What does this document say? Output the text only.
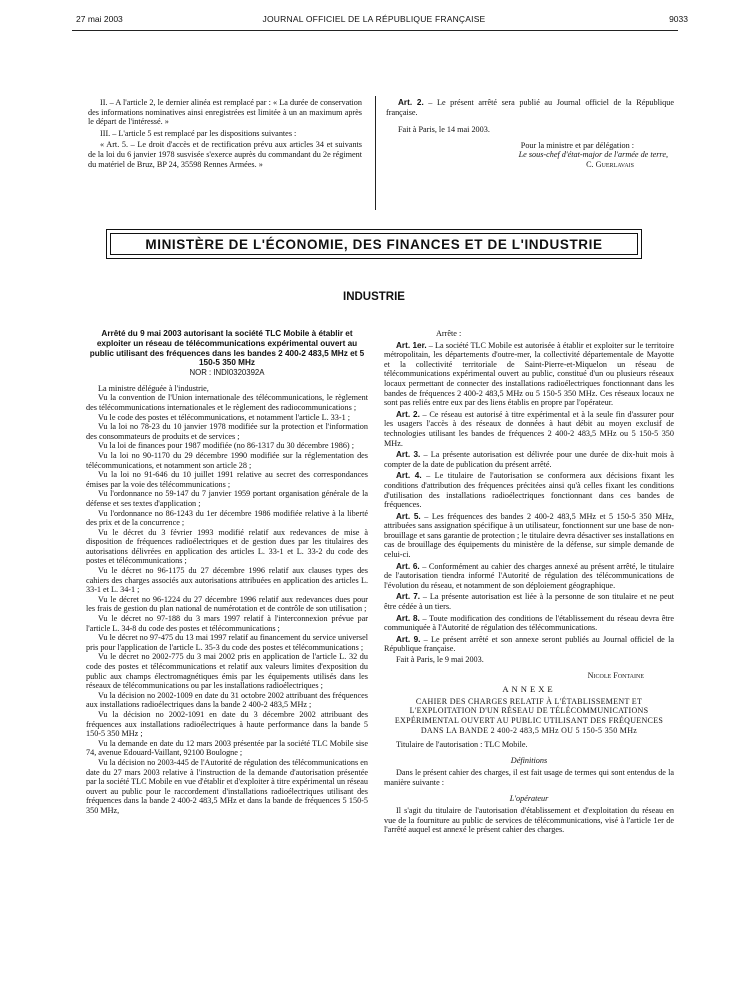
27 mai 2003	JOURNAL OFFICIEL DE LA RÉPUBLIQUE FRANÇAISE	9033

II. – A l'article 2, le dernier alinéa est remplacé par : « La durée de conservation des informations nominatives ainsi enregistrées est limitée à un an maximum après le départ de l'intéressé. »

III. – L'article 5 est remplacé par les dispositions suivantes :

« Art. 5. – Le droit d'accès et de rectification prévu aux articles 34 et suivants de la loi du 6 janvier 1978 susvisée s'exerce auprès du commandant du 2e régiment du matériel de Bruz, BP 24, 35598 Rennes Armées. »

Art. 2. – Le présent arrêté sera publié au Journal officiel de la République française.

Fait à Paris, le 14 mai 2003.

Pour la ministre et par délégation :

Le sous-chef d'état-major de l'armée de terre,

C. Guerlavais

MINISTÈRE DE L'ÉCONOMIE, DES FINANCES ET DE L'INDUSTRIE
INDUSTRIE

Arrêté du 9 mai 2003 autorisant la société TLC Mobile à établir et exploiter un réseau de télécommunications expérimental ouvert au public utilisant des fréquences dans les bandes 2 400-2 483,5 MHz et 5 150-5 350 MHz

NOR : INDI0320392A

La ministre déléguée à l'industrie,

Vu la convention de l'Union internationale des télécommunications, le règlement des télécommunications internationales et le règlement des radiocommunications ;

Vu le code des postes et télécommunications, et notamment l'article L. 33-1 ;

Vu la loi no 78-23 du 10 janvier 1978 modifiée sur la protection et l'information des consommateurs de produits et de services ;

Vu la loi de finances pour 1987 modifiée (no 86-1317 du 30 décembre 1986) ;

Vu la loi no 90-1170 du 29 décembre 1990 modifiée sur la réglementation des télécommunications, et notamment son article 28 ;

Vu la loi no 91-646 du 10 juillet 1991 relative au secret des correspondances émises par la voie des télécommunications ;

Vu l'ordonnance no 59-147 du 7 janvier 1959 portant organisation générale de la défense et ses textes d'application ;

Vu l'ordonnance no 86-1243 du 1er décembre 1986 modifiée relative à la liberté des prix et de la concurrence ;

Vu le décret du 3 février 1993 modifié relatif aux redevances de mise à disposition de fréquences radioélectriques et de gestion dues par les titulaires des autorisations délivrées en application des articles L. 33-1 et L. 33-2 du code des postes et télécommunications ;

Vu le décret no 96-1175 du 27 décembre 1996 relatif aux clauses types des cahiers des charges associés aux autorisations attribuées en application des articles L. 33-1 et L. 34-1 ;

Vu le décret no 96-1224 du 27 décembre 1996 relatif aux redevances dues pour les frais de gestion du plan national de numérotation et de contrôle de son utilisation ;

Vu le décret no 97-188 du 3 mars 1997 relatif à l'interconnexion prévue par l'article L. 34-8 du code des postes et télécommunications ;

Vu le décret no 97-475 du 13 mai 1997 relatif au financement du service universel pris pour l'application de l'article L. 35-3 du code des postes et télécommunications ;

Vu le décret no 2002-775 du 3 mai 2002 pris en application de l'article L. 32 du code des postes et télécommunications et relatif aux valeurs limites d'exposition du public aux champs électromagnétiques émis par les équipements utilisés dans les réseaux de télécommunications ou par les installations radioélectriques ;

Vu la décision no 2002-1009 en date du 31 octobre 2002 attribuant des fréquences aux installations radioélectriques dans la bande 2 400-2 483,5 MHz ;

Vu la décision no 2002-1091 en date du 3 décembre 2002 attribuant des fréquences aux installations radioélectriques à haute performance dans la bande 5 150-5 350 MHz ;

Vu la demande en date du 12 mars 2003 présentée par la société TLC Mobile sise 74, avenue Edouard-Vaillant, 92100 Boulogne ;

Vu la décision no 2003-445 de l'Autorité de régulation des télécommunications en date du 27 mars 2003 relative à l'instruction de la demande d'autorisation présentée par la société TLC Mobile en vue d'établir et d'exploiter à titre expérimental un réseau ouvert au public pour le raccordement d'installations radioélectriques utilisant des fréquences dans la bande 2 400-2 483,5 MHz et dans la bande de fréquences 5 150-5 350 MHz,

Arrête :

Art. 1er. – La société TLC Mobile est autorisée à établir et exploiter sur le territoire métropolitain, les départements d'outre-mer, la collectivité départementale de Mayotte et la collectivité territoriale de Saint-Pierre-et-Miquelon un réseau de télécommunications expérimental ouvert au public, constitué d'un ou plusieurs réseaux locaux permettant de connecter des installations radioélectriques fonctionnant dans les bandes de fréquences 2 400-2 483,5 MHz ou 5 150-5 350 MHz. Ces réseaux locaux ne sont pas reliés entre eux par des liens établis en propre par l'opérateur.

Art. 2. – Ce réseau est autorisé à titre expérimental et à la seule fin d'assurer pour les usagers l'accès à des réseaux de données à haut débit au moyen exclusif de technologies utilisant les bandes de fréquences 2 400-2 483,5 MHz ou 5 150-5 350 MHz.

Art. 3. – La présente autorisation est délivrée pour une durée de dix-huit mois à compter de la date de publication du présent arrêté.

Art. 4. – Le titulaire de l'autorisation se conformera aux décisions fixant les conditions d'attribution des fréquences précitées ainsi qu'à celles fixant les conditions d'utilisation des installations radioélectriques fonctionnant dans ces bandes de fréquences.

Art. 5. – Les fréquences des bandes 2 400-2 483,5 MHz et 5 150-5 350 MHz, attribuées sans assignation spécifique à un utilisateur, fonctionnent sur une base de non-brouillage et sans garantie de protection ; le titulaire devra désactiver ses installations en cas de brouillage des équipements du ministère de la défense, sur simple demande de celui-ci.

Art. 6. – Conformément au cahier des charges annexé au présent arrêté, le titulaire de l'autorisation tiendra informé l'Autorité de régulation des télécommunications de l'évolution du réseau, et notamment de son déploiement géographique.

Art. 7. – La présente autorisation est liée à la personne de son titulaire et ne peut être cédée à un tiers.

Art. 8. – Toute modification des conditions de l'établissement du réseau devra être communiquée à l'Autorité de régulation des télécommunications.

Art. 9. – Le présent arrêté et son annexe seront publiés au Journal officiel de la République française.

Fait à Paris, le 9 mai 2003.

Nicole Fontaine

ANNEXE

CAHIER DES CHARGES RELATIF À L'ÉTABLISSEMENT ET L'EXPLOITATION D'UN RÉSEAU DE TÉLÉCOMMUNICATIONS EXPÉRIMENTAL OUVERT AU PUBLIC UTILISANT DES FRÉQUENCES DANS LA BANDE 2 400-2 483,5 MHz OU 5 150-5 350 MHz

Titulaire de l'autorisation : TLC Mobile.

Définitions

Dans le présent cahier des charges, il est fait usage de termes qui sont entendus de la manière suivante :

L'opérateur

Il s'agit du titulaire de l'autorisation d'établissement et d'exploitation du réseau en vue de la fourniture au public de services de télécommunications, visé à l'article 1er de l'arrêté auquel est annexé le présent cahier des charges.
